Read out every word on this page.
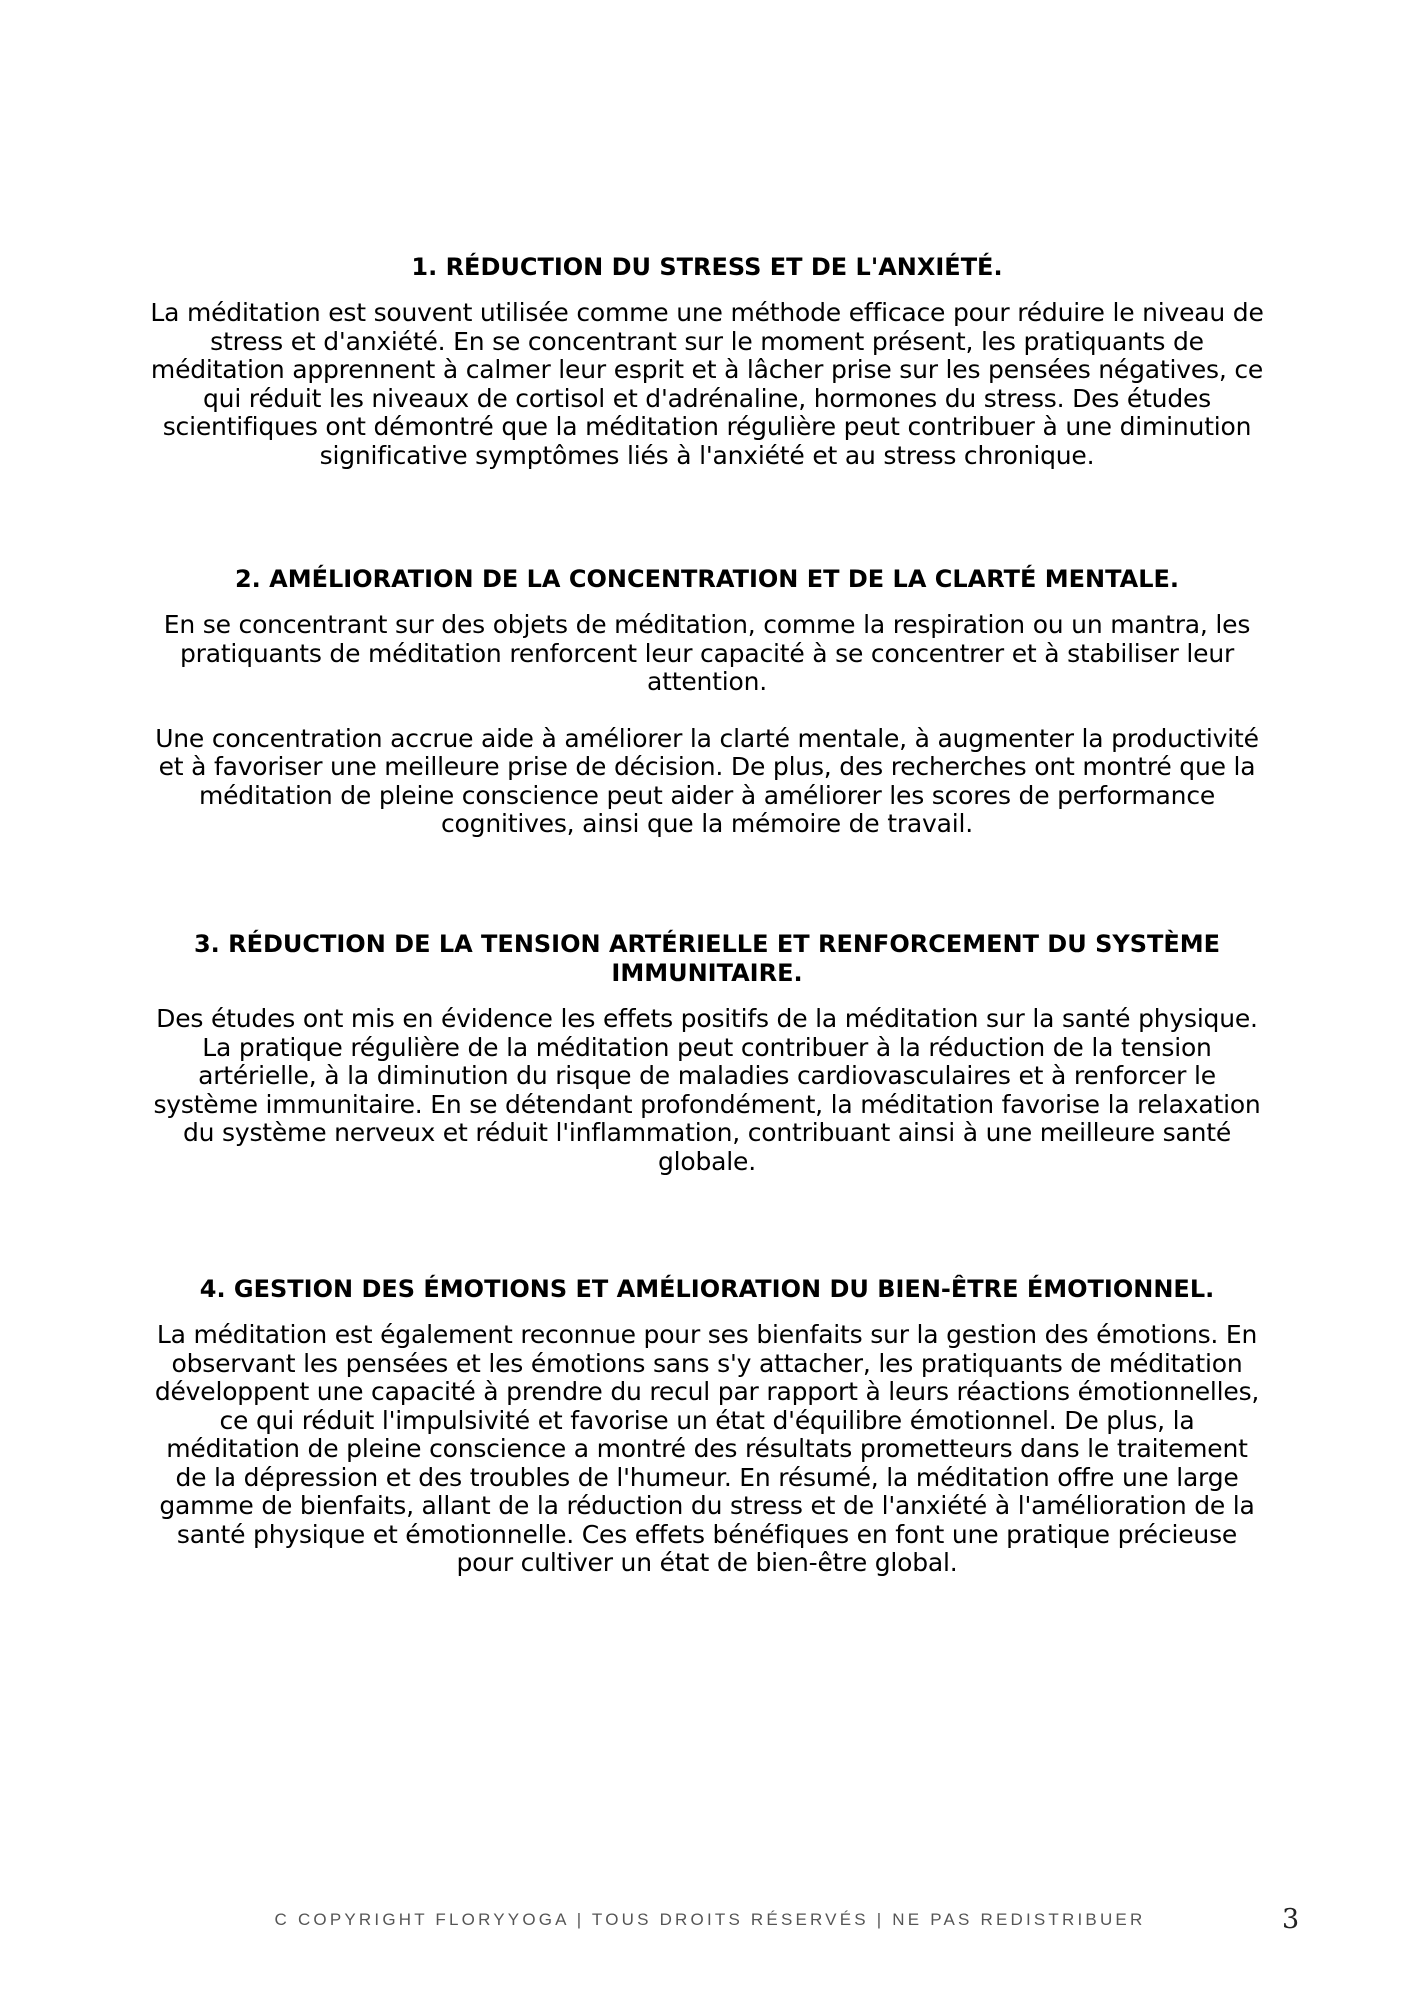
1. RÉDUCTION DU STRESS ET DE L'ANXIÉTÉ.

La méditation est souvent utilisée comme une méthode efficace pour réduire le niveau de stress et d'anxiété. En se concentrant sur le moment présent, les pratiquants de méditation apprennent à calmer leur esprit et à lâcher prise sur les pensées négatives, ce qui réduit les niveaux de cortisol et d'adrénaline, hormones du stress. Des études scientifiques ont démontré que la méditation régulière peut contribuer à une diminution significative symptômes liés à l'anxiété et au stress chronique.

2. AMÉLIORATION DE LA CONCENTRATION ET DE LA CLARTÉ MENTALE.

En se concentrant sur des objets de méditation, comme la respiration ou un mantra, les pratiquants de méditation renforcent leur capacité à se concentrer et à stabiliser leur attention.

Une concentration accrue aide à améliorer la clarté mentale, à augmenter la productivité et à favoriser une meilleure prise de décision. De plus, des recherches ont montré que la méditation de pleine conscience peut aider à améliorer les scores de performance cognitives, ainsi que la mémoire de travail.

3. RÉDUCTION DE LA TENSION ARTÉRIELLE ET RENFORCEMENT DU SYSTÈME IMMUNITAIRE.

Des études ont mis en évidence les effets positifs de la méditation sur la santé physique. La pratique régulière de la méditation peut contribuer à la réduction de la tension artérielle, à la diminution du risque de maladies cardiovasculaires et à renforcer le système immunitaire. En se détendant profondément, la méditation favorise la relaxation du système nerveux et réduit l'inflammation, contribuant ainsi à une meilleure santé globale.

4. GESTION DES ÉMOTIONS ET AMÉLIORATION DU BIEN-ÊTRE ÉMOTIONNEL.

La méditation est également reconnue pour ses bienfaits sur la gestion des émotions. En observant les pensées et les émotions sans s'y attacher, les pratiquants de méditation développent une capacité à prendre du recul par rapport à leurs réactions émotionnelles, ce qui réduit l'impulsivité et favorise un état d'équilibre émotionnel. De plus, la méditation de pleine conscience a montré des résultats prometteurs dans le traitement de la dépression et des troubles de l'humeur. En résumé, la méditation offre une large gamme de bienfaits, allant de la réduction du stress et de l'anxiété à l'amélioration de la santé physique et émotionnelle. Ces effets bénéfiques en font une pratique précieuse pour cultiver un état de bien-être global.

C COPYRIGHT FLORYYOGA | TOUS DROITS RÉSERVÉS | NE PAS REDISTRIBUER	3
